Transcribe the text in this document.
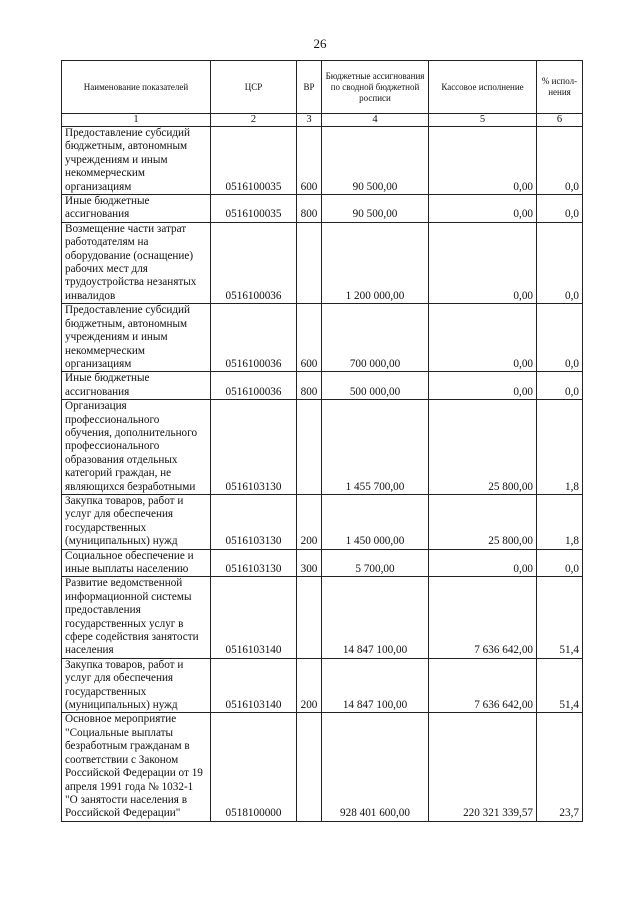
26
Наименование показателей	ЦСР	ВР	Бюджетные ассигнования по сводной бюджетной росписи	Кассовое исполнение	% испол-нения
1	2	3	4	5	6
Предоставление субсидий бюджетным, автономным учреждениям и иным некоммерческим организациям	0516100035	600	90 500,00	0,00	0,0
Иные бюджетные ассигнования	0516100035	800	90 500,00	0,00	0,0
Возмещение части затрат работодателям на оборудование (оснащение) рабочих мест для трудоустройства незанятых инвалидов	0516100036		1 200 000,00	0,00	0,0
Предоставление субсидий бюджетным, автономным учреждениям и иным некоммерческим организациям	0516100036	600	700 000,00	0,00	0,0
Иные бюджетные ассигнования	0516100036	800	500 000,00	0,00	0,0
Организация профессионального обучения, дополнительного профессионального образования отдельных категорий граждан, не являющихся безработными	0516103130		1 455 700,00	25 800,00	1,8
Закупка товаров, работ и услуг для обеспечения государственных (муниципальных) нужд	0516103130	200	1 450 000,00	25 800,00	1,8
Социальное обеспечение и иные выплаты населению	0516103130	300	5 700,00	0,00	0,0
Развитие ведомственной информационной системы предоставления государственных услуг в сфере содействия занятости населения	0516103140		14 847 100,00	7 636 642,00	51,4
Закупка товаров, работ и услуг для обеспечения государственных (муниципальных) нужд	0516103140	200	14 847 100,00	7 636 642,00	51,4
Основное мероприятие "Социальные выплаты безработным гражданам в соответствии с Законом Российской Федерации от 19 апреля 1991 года № 1032-1 "О занятости населения в Российской Федерации"	0518100000		928 401 600,00	220 321 339,57	23,7
